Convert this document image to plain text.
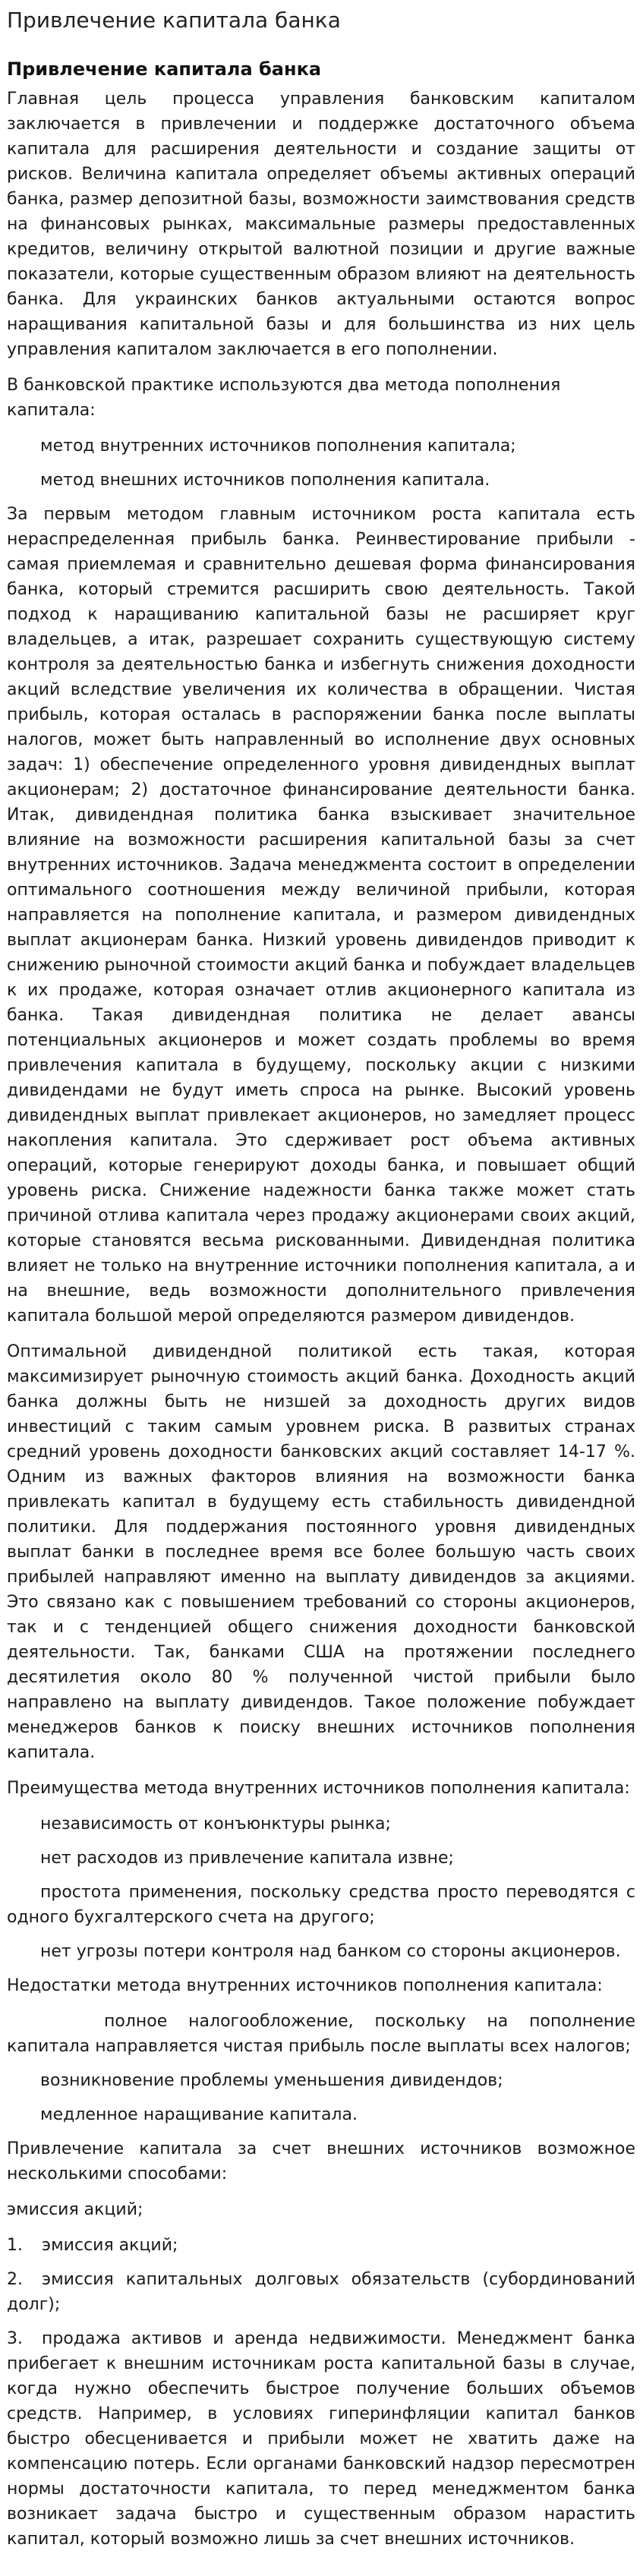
Привлечение капитала банка
Привлечение капитала банка

Главная цель процесса управления банковским капиталом заключается в привлечении и поддержке достаточного объема капитала для расширения деятельности и создание защиты от рисков. Величина капитала определяет объемы активных операций банка, размер депозитной базы, возможности заимствования средств на финансовых рынках, максимальные размеры предоставленных кредитов, величину открытой валютной позиции и другие важные показатели, которые существенным образом влияют на деятельность банка. Для украинских банков актуальными остаются вопрос наращивания капитальной базы и для большинства из них цель управления капиталом заключается в его пополнении.

В банковской практике используются два метода пополнения капитала:

метод внутренних источников пополнения капитала;
метод внешних источников пополнения капитала.

За первым методом главным источником роста капитала есть нераспределенная прибыль банка. Реинвестирование прибыли - самая приемлемая и сравнительно дешевая форма финансирования банка, который стремится расширить свою деятельность. Такой подход к наращиванию капитальной базы не расширяет круг владельцев, а итак, разрешает сохранить существующую систему контроля за деятельностью банка и избегнуть снижения доходности акций вследствие увеличения их количества в обращении. Чистая прибыль, которая осталась в распоряжении банка после выплаты налогов, может быть направленный во исполнение двух основных задач: 1) обеспечение определенного уровня дивидендных выплат акционерам; 2) достаточное финансирование деятельности банка. Итак, дивидендная политика банка взыскивает значительное влияние на возможности расширения капитальной базы за счет внутренних источников. Задача менеджмента состоит в определении оптимального соотношения между величиной прибыли, которая направляется на пополнение капитала, и размером дивидендных выплат акционерам банка. Низкий уровень дивидендов приводит к снижению рыночной стоимости акций банка и побуждает владельцев к их продаже, которая означает отлив акционерного капитала из банка. Такая дивидендная политика не делает авансы потенциальных акционеров и может создать проблемы во время привлечения капитала в будущему, поскольку акции с низкими дивидендами не будут иметь спроса на рынке. Высокий уровень дивидендных выплат привлекает акционеров, но замедляет процесс накопления капитала. Это сдерживает рост объема активных операций, которые генерируют доходы банка, и повышает общий уровень риска. Снижение надежности банка также может стать причиной отлива капитала через продажу акционерами своих акций, которые становятся весьма рискованными. Дивидендная политика влияет не только на внутренние источники пополнения капитала, а и на внешние, ведь возможности дополнительного привлечения капитала большой мерой определяются размером дивидендов.

Оптимальной дивидендной политикой есть такая, которая максимизирует рыночную стоимость акций банка. Доходность акций банка должны быть не низшей за доходность других видов инвестиций с таким самым уровнем риска. В развитых странах средний уровень доходности банковских акций составляет 14-17 %. Одним из важных факторов влияния на возможности банка привлекать капитал в будущему есть стабильность дивидендной политики. Для поддержания постоянного уровня дивидендных выплат банки в последнее время все более большую часть своих прибылей направляют именно на выплату дивидендов за акциями. Это связано как с повышением требований со стороны акционеров, так и с тенденцией общего снижения доходности банковской деятельности. Так, банками США на протяжении последнего десятилетия около 80 % полученной чистой прибыли было направлено на выплату дивидендов. Такое положение побуждает менеджеров банков к поиску внешних источников пополнения капитала.

Преимущества метода внутренних источников пополнения капитала:

независимость от конъюнктуры рынка;
нет расходов из привлечение капитала извне;
простота применения, поскольку средства просто переводятся с одного бухгалтерского счета на другого;
нет угрозы потери контроля над банком со стороны акционеров.

Недостатки метода внутренних источников пополнения капитала:

полное налогообложение, поскольку на пополнение капитала направляется чистая прибыль после выплаты всех налогов;
возникновение проблемы уменьшения дивидендов;
медленное наращивание капитала.

Привлечение капитала за счет внешних источников возможное несколькими способами:

эмиссия акций;

1. эмиссия акций;
2. эмиссия капитальных долговых обязательств (субординований долг);
3. продажа активов и аренда недвижимости. Менеджмент банка прибегает к внешним источникам роста капитальной базы в случае, когда нужно обеспечить быстрое получение больших объемов средств. Например, в условиях гиперинфляции капитал банков быстро обесценивается и прибыли может не хватить даже на компенсацию потерь. Если органами банковский надзор пересмотрен нормы достаточности капитала, то перед менеджментом банка возникает задача быстро и существенным образом нарастить капитал, который возможно лишь за счет внешних источников.
